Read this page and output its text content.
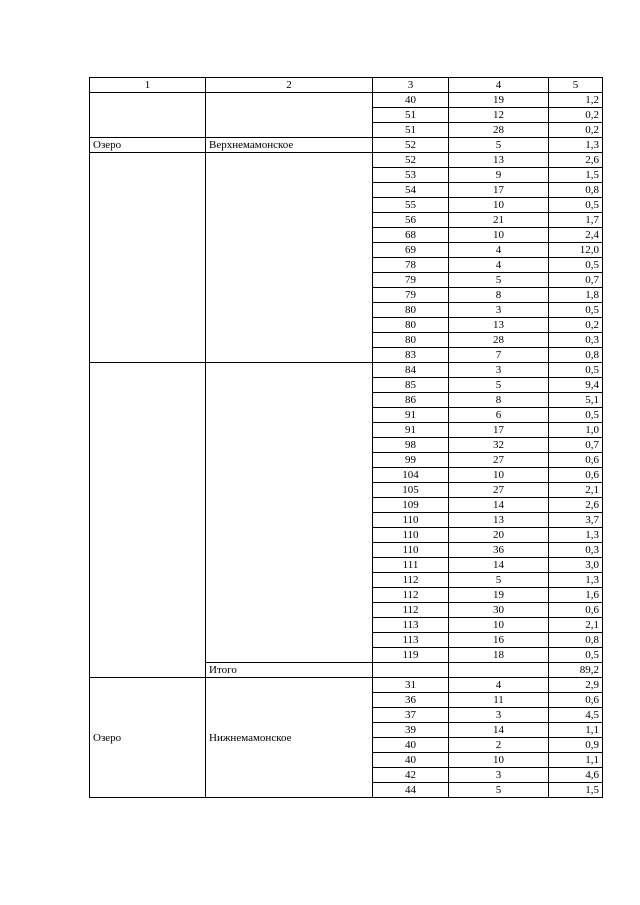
1	2	3	4	5
		40	19	1,2
		51	12	0,2
		51	28	0,2
Озеро	Верхнемамонское	52	5	1,3
		52	13	2,6
		53	9	1,5
		54	17	0,8
		55	10	0,5
		56	21	1,7
		68	10	2,4
		69	4	12,0
		78	4	0,5
		79	5	0,7
		79	8	1,8
		80	3	0,5
		80	13	0,2
		80	28	0,3
		83	7	0,8
		84	3	0,5
		85	5	9,4
		86	8	5,1
		91	6	0,5
		91	17	1,0
		98	32	0,7
		99	27	0,6
		104	10	0,6
		105	27	2,1
		109	14	2,6
		110	13	3,7
		110	20	1,3
		110	36	0,3
		111	14	3,0
		112	5	1,3
		112	19	1,6
		112	30	0,6
		113	10	2,1
		113	16	0,8
		119	18	0,5
	Итого			89,2
Озеро	Нижнемамонское	31	4	2,9
		36	11	0,6
		37	3	4,5
		39	14	1,1
		40	2	0,9
		40	10	1,1
		42	3	4,6
		44	5	1,5
